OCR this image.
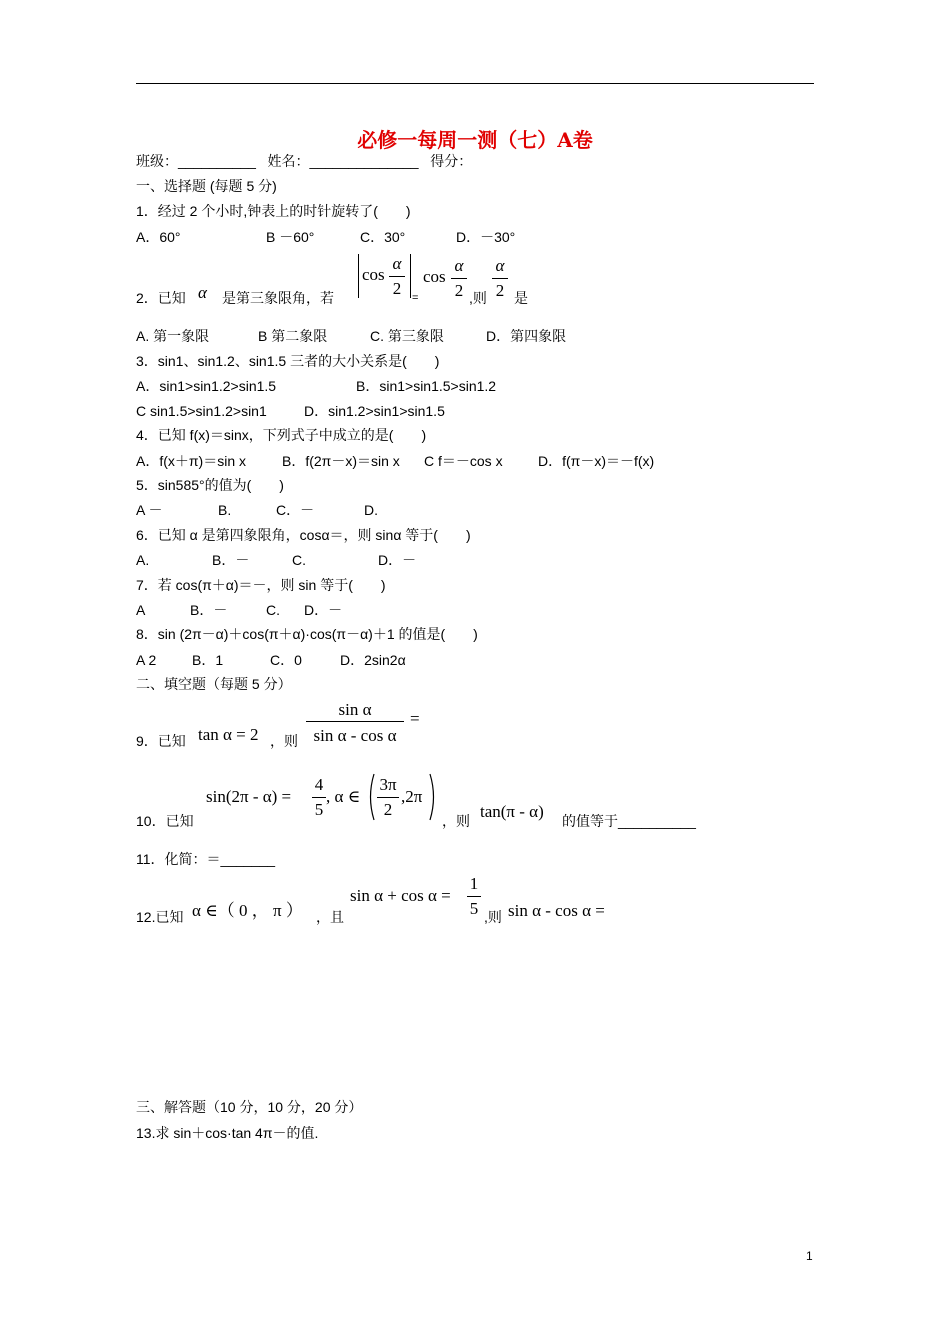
必修一每周一测（七）A卷
班级：__________ 姓名：______________ 得分：
一、选择题 (每题 5 分)
1．经过 2 个小时,钟表上的时针旋转了(　　)
A．60°	B －60°	C．30°	D．－30°
2．已知 α 是第三象限角，若
cos
α
2 =
cos
α
2 ,则
α
2 是
A. 第一象限	B 第二象限	C. 第三象限	D．第四象限
3．sin1、sin1.2、sin1.5 三者的大小关系是(　　)
A．sin1>sin1.2>sin1.5	B．sin1>sin1.5>sin1.2
C sin1.5>sin1.2>sin1	D．sin1.2>sin1>sin1.5
4．已知 f(x)＝sinx，下列式子中成立的是(　　)
A．f(x＋π)＝sin x	B．f(2π－x)＝sin x C f＝－cos x	D．f(π－x)＝－f(x)
5．sin585°的值为(　　)
A －	B.	C．－	D.
6．已知 α 是第四象限角，cosα＝，则 sinα 等于(　　)
A.	B．－	C.	D．－
7．若 cos(π＋α)＝－，则 sin 等于(　　)
A	B．－	C. D．－
8．sin (2π－α)＋cos(π＋α)·cos(π－α)＋1 的值是(　　)
A 2	B．1	C．0	D．2sin2α
二、填空题（每题 5 分）
9．已知 tan α = 2 ，则
sin α
sin α - cos α
=
10．已知
sin(2π - α) =
4
5
, α ∈
3π
2
,2π
，则 tan(π - α) 的值等于__________
11．化简：＝_______
12.已知 α ∈（ 0 ， π ） ，且
sin α + cos α =
1
5 ,则 sin α - cos α =
三、解答题（10 分，10 分，20 分）
13.求 sin＋cos·tan 4π－的值.
1
